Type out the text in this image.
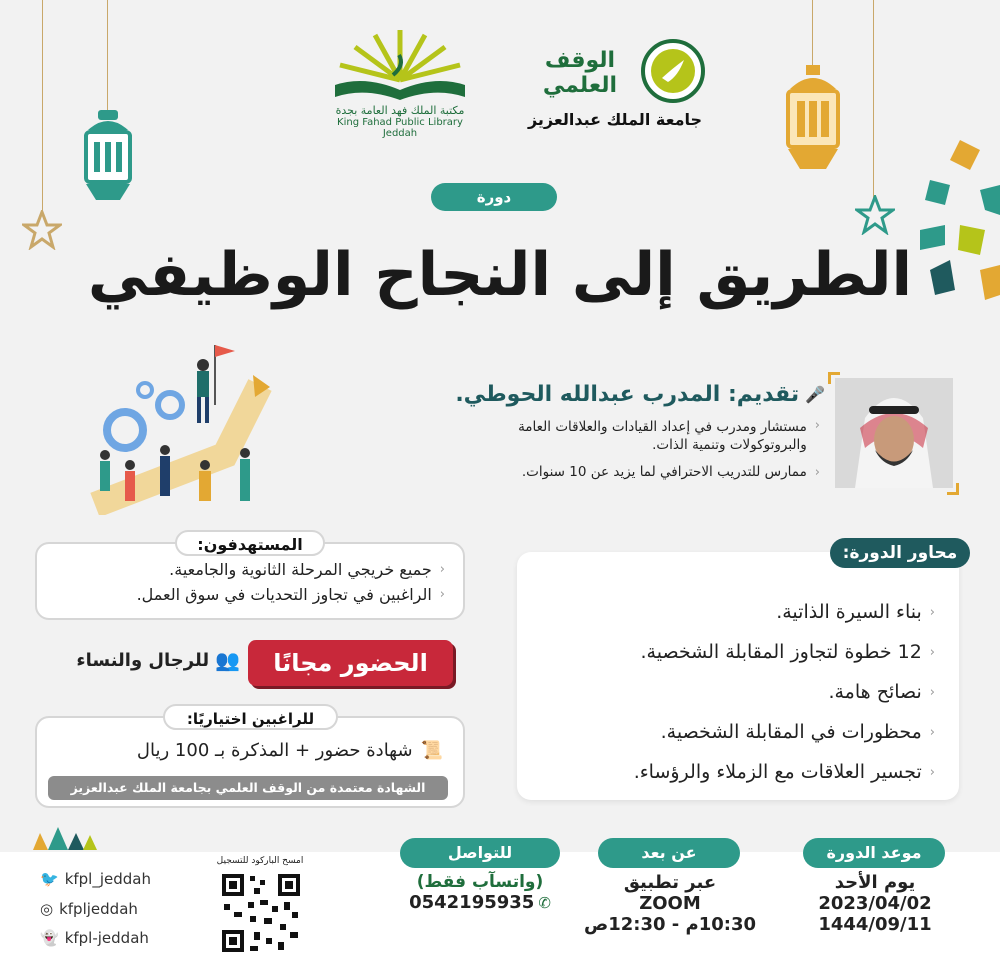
مكتبة الملك فهد العامة بجدة
King Fahad Public Library Jeddah
الوقف العلمي
جامعة الملك عبدالعزيز
دورة
الطريق إلى النجاح الوظيفي
🎤
تقديم: المدرب عبدالله الحوطي.
‹
مستشار ومدرب في إعداد القيادات والعلاقات العامة والبروتوكولات وتنمية الذات.
‹
ممارس للتدريب الاحترافي لما يزيد عن 10 سنوات.
‹
جميع خريجي المرحلة الثانوية والجامعية.
‹
الراغبين في تجاوز التحديات في سوق العمل.
المستهدفون:
الحضور مجانًا
👥
للرجال والنساء
📜
شهادة حضور + المذكرة بـ 100 ريال
للراغبين اختياريًا:
الشهادة معتمدة من الوقف العلمي بجامعة الملك عبدالعزيز
‹
بناء السيرة الذاتية.
‹
12 خطوة لتجاوز المقابلة الشخصية.
‹
نصائح هامة.
‹
محظورات في المقابلة الشخصية.
‹
تجسير العلاقات مع الزملاء والرؤساء.
محاور الدورة:
موعد الدورة
يوم الأحد
2023/04/02
1444/09/11
عن بعد
عبر تطبيق
ZOOM
10:30م - 12:30ص
للتواصل
(واتسآب فقط)
0542195935 ✆
امسح الباركود للتسجيل
🐦 kfpl_jeddah
◎ kfpljeddah
👻 kfpl-jeddah
